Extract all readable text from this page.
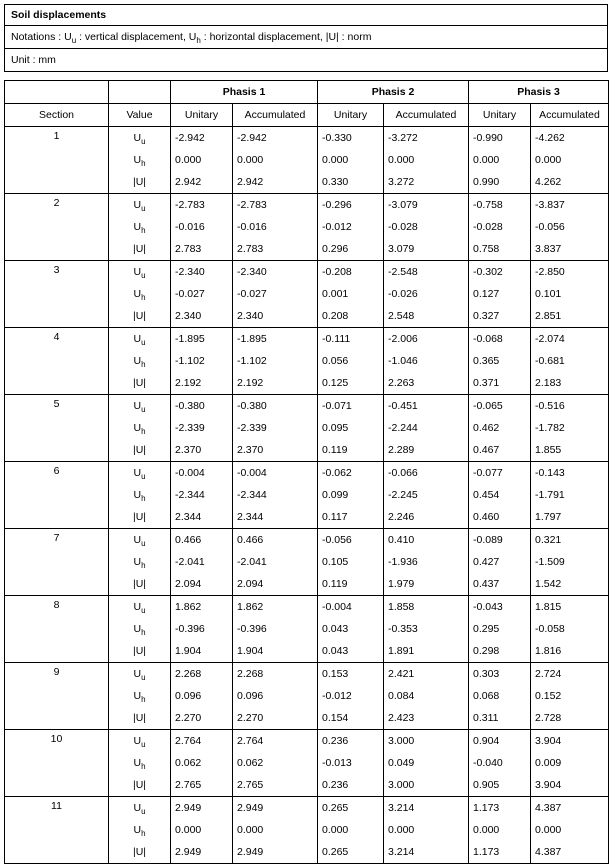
Soil displacements
Notations : $U_u$ : vertical displacement, $U_h$ : horizontal displacement, |U| : norm
Unit : mm
		Phasis 1		Phasis 2		Phasis 3	
Section	Value	Unitary	Accumulated	Unitary	Accumulated	Unitary	Accumulated
1	$U_u$	-2.942	-2.942	-0.330	-3.272	-0.990	-4.262
	$U_h$	0.000	0.000	0.000	0.000	0.000	0.000
	|U|	2.942	2.942	0.330	3.272	0.990	4.262
2	$U_u$	-2.783	-2.783	-0.296	-3.079	-0.758	-3.837
	$U_h$	-0.016	-0.016	-0.012	-0.028	-0.028	-0.056
	|U|	2.783	2.783	0.296	3.079	0.758	3.837
3	$U_u$	-2.340	-2.340	-0.208	-2.548	-0.302	-2.850
	$U_h$	-0.027	-0.027	0.001	-0.026	0.127	0.101
	|U|	2.340	2.340	0.208	2.548	0.327	2.851
4	$U_u$	-1.895	-1.895	-0.111	-2.006	-0.068	-2.074
	$U_h$	-1.102	-1.102	0.056	-1.046	0.365	-0.681
	|U|	2.192	2.192	0.125	2.263	0.371	2.183
5	$U_u$	-0.380	-0.380	-0.071	-0.451	-0.065	-0.516
	$U_h$	-2.339	-2.339	0.095	-2.244	0.462	-1.782
	|U|	2.370	2.370	0.119	2.289	0.467	1.855
6	$U_u$	-0.004	-0.004	-0.062	-0.066	-0.077	-0.143
	$U_h$	-2.344	-2.344	0.099	-2.245	0.454	-1.791
	|U|	2.344	2.344	0.117	2.246	0.460	1.797
7	$U_u$	0.466	0.466	-0.056	0.410	-0.089	0.321
	$U_h$	-2.041	-2.041	0.105	-1.936	0.427	-1.509
	|U|	2.094	2.094	0.119	1.979	0.437	1.542
8	$U_u$	1.862	1.862	-0.004	1.858	-0.043	1.815
	$U_h$	-0.396	-0.396	0.043	-0.353	0.295	-0.058
	|U|	1.904	1.904	0.043	1.891	0.298	1.816
9	$U_u$	2.268	2.268	0.153	2.421	0.303	2.724
	$U_h$	0.096	0.096	-0.012	0.084	0.068	0.152
	|U|	2.270	2.270	0.154	2.423	0.311	2.728
10	$U_u$	2.764	2.764	0.236	3.000	0.904	3.904
	$U_h$	0.062	0.062	-0.013	0.049	-0.040	0.009
	|U|	2.765	2.765	0.236	3.000	0.905	3.904
11	$U_u$	2.949	2.949	0.265	3.214	1.173	4.387
	$U_h$	0.000	0.000	0.000	0.000	0.000	0.000
	|U|	2.949	2.949	0.265	3.214	1.173	4.387
